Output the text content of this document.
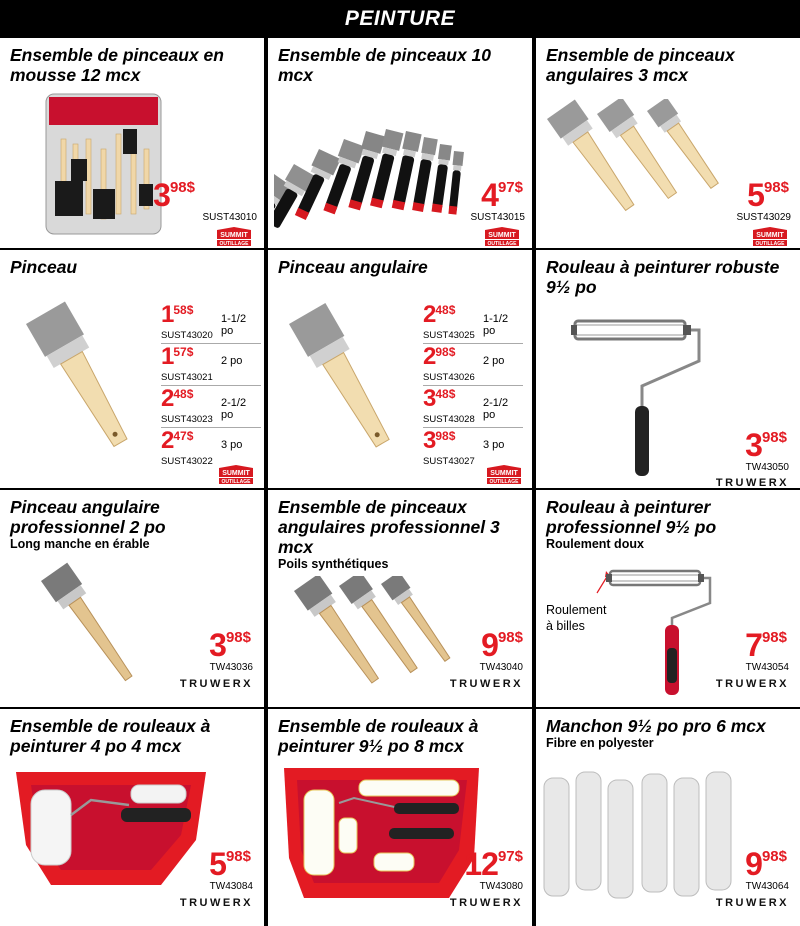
PEINTURE
Ensemble de pinceaux en mousse 12 mcx
398$
SUST43010
SUMMIT
OUTILLAGE
Ensemble de pinceaux 10 mcx
497$
SUST43015
SUMMIT
OUTILLAGE
Ensemble de pinceaux angulaires 3 mcx
598$
SUST43029
SUMMIT
OUTILLAGE
Pinceau
$1^{58\$}$
SUST43020
1-1/2 po
$1^{57\$}$
SUST43021
2 po
$2^{48\$}$
SUST43023
2-1/2 po
$2^{47\$}$
SUST43022
3 po
SUMMIT
OUTILLAGE
Pinceau angulaire
$2^{48\$}$
SUST43025
1-1/2 po
$2^{98\$}$
SUST43026
2 po
$3^{48\$}$
SUST43028
2-1/2 po
$3^{98\$}$
SUST43027
3 po
SUMMIT
OUTILLAGE
Rouleau à peinturer robuste 9½ po
398$
TW43050
TRUWERX
Pinceau angulaire professionnel 2 po
Long manche en érable
398$
TW43036
TRUWERX
Ensemble de pinceaux angulaires professionnel 3 mcx
Poils synthétiques
998$
TW43040
TRUWERX
Rouleau à peinturer professionnel 9½ po
Roulement doux
Roulement à billes
798$
TW43054
TRUWERX
Ensemble de rouleaux à peinturer 4 po 4 mcx
598$
TW43084
TRUWERX
Ensemble de rouleaux à peinturer 9½ po 8 mcx
1297$
TW43080
TRUWERX
Manchon 9½ po pro 6 mcx
Fibre en polyester
998$
TW43064
TRUWERX
